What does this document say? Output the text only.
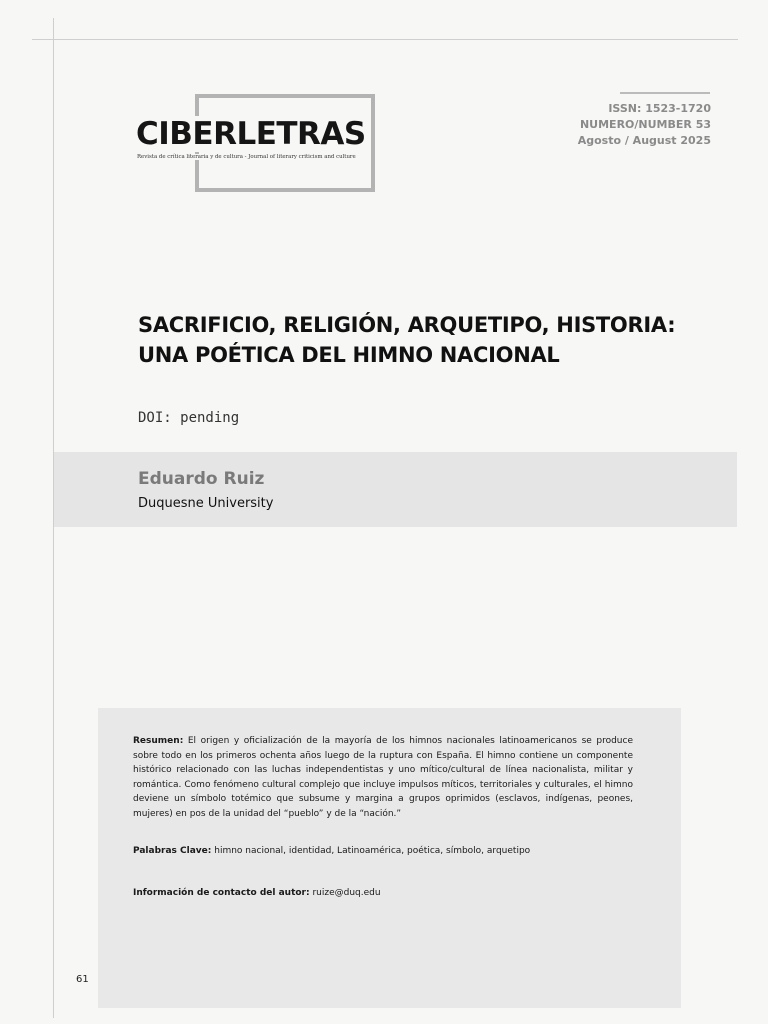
CIBERLETRAS
Revista de crítica literaria y de cultura - Journal of literary criticism and culture
ISSN: 1523-1720
NUMERO/NUMBER 53
Agosto / August 2025
SACRIFICIO, RELIGIÓN, ARQUETIPO, HISTORIA:
UNA POÉTICA DEL HIMNO NACIONAL
DOI: pending
Eduardo Ruiz
Duquesne University
Resumen: El origen y oficialización de la mayoría de los himnos nacionales latinoamericanos se produce sobre todo en los primeros ochenta años luego de la ruptura con España. El himno contiene un componente histórico relacionado con las luchas independentistas y uno mítico/cultural de línea nacionalista, militar y romántica. Como fenómeno cultural complejo que incluye impulsos míticos, territoriales y culturales, el himno deviene un símbolo totémico que subsume y margina a grupos oprimidos (esclavos, indígenas, peones, mujeres) en pos de la unidad del “pueblo” y de la “nación.”
Palabras Clave: himno nacional, identidad, Latinoamérica, poética, símbolo, arquetipo
Información de contacto del autor: ruize@duq.edu
61
